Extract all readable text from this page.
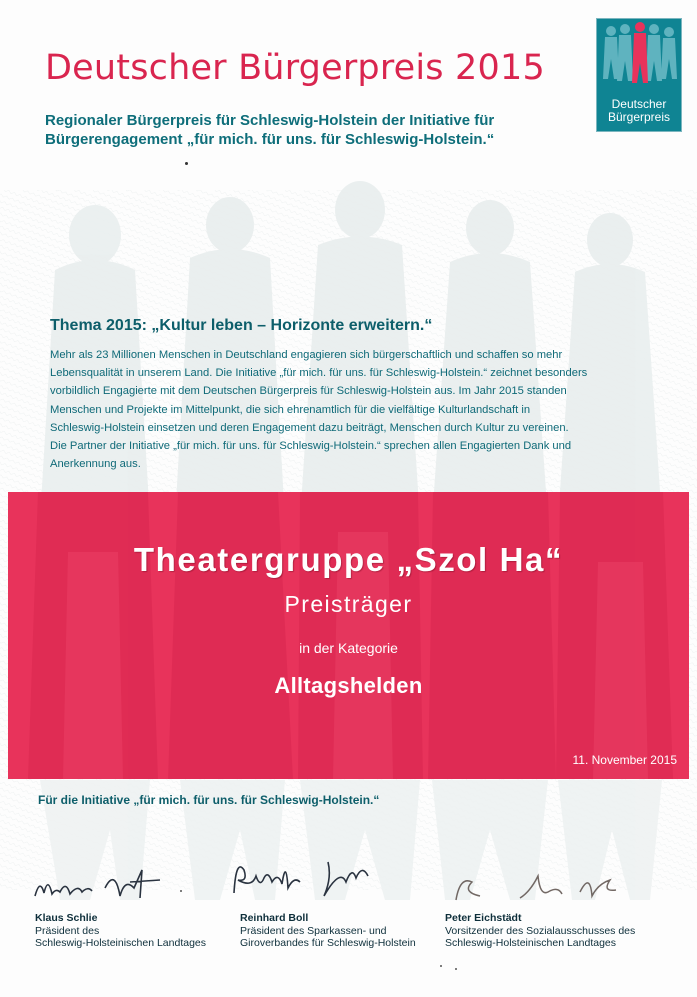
Deutscher Bürgerpreis 2015
Regionaler Bürgerpreis für Schleswig-Holstein der Initiative für
Bürgerengagement „für mich. für uns. für Schleswig-Holstein.“
Deutscher
Bürgerpreis
Thema 2015: „Kultur leben – Horizonte erweitern.“
Mehr als 23 Millionen Menschen in Deutschland engagieren sich bürgerschaftlich und schaffen so mehr
Lebensqualität in unserem Land. Die Initiative „für mich. für uns. für Schleswig-Holstein.“ zeichnet besonders
vorbildlich Engagierte mit dem Deutschen Bürgerpreis für Schleswig-Holstein aus. Im Jahr 2015 standen
Menschen und Projekte im Mittelpunkt, die sich ehrenamtlich für die vielfältige Kulturlandschaft in
Schleswig-Holstein einsetzen und deren Engagement dazu beiträgt, Menschen durch Kultur zu vereinen.
Die Partner der Initiative „für mich. für uns. für Schleswig-Holstein.“ sprechen allen Engagierten Dank und
Anerkennung aus.
Theatergruppe „Szol Ha“
Preisträger
in der Kategorie
Alltagshelden
11. November 2015
Für die Initiative „für mich. für uns. für Schleswig-Holstein.“
Klaus Schlie
Präsident des
Schleswig-Holsteinischen Landtages
Reinhard Boll
Präsident des Sparkassen- und
Giroverbandes für Schleswig-Holstein
Peter Eichstädt
Vorsitzender des Sozialausschusses des
Schleswig-Holsteinischen Landtages
